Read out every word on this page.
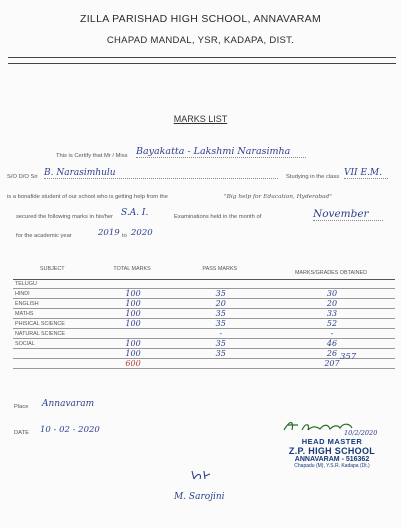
ZILLA PARISHAD HIGH SCHOOL, ANNAVARAM
CHAPAD MANDAL, YSR, KADAPA, DIST.
MARKS LIST
This is Certify that Mr / Miss Bayakatta - Lakshmi Narasimha
S/O D/O Sri B. Narasimhulu	Studying in the class VII E.M.
is a bonafide student of our school who is getting help from the	"Big help for Education, Hyderabad"
secured the following marks in his/her S.A. I.	Examinations held in the month of	November
for the academic year	2019 to 2020
SUBJECT	TOTAL MARKS	PASS MARKS	MARKS/GRADES OBTAINED
TELUGU			
HINDI	100	35	30
ENGLISH	100	20	20
MATHS	100	35	33
PHISICAL SCIENCE	100	35	52
NATURAL SCIENCE		-	-
SOCIAL	100	35	46
	100	35	26
	600		207
357
Place Annavaram
DATE 10 - 02 - 2020	10/2/2020
HEAD MASTER
Z.P. HIGH SCHOOL
ANNAVARAM - 516362
Chapadu (M), Y.S.R. Kadapa (Dt.)
M. Sarojini
